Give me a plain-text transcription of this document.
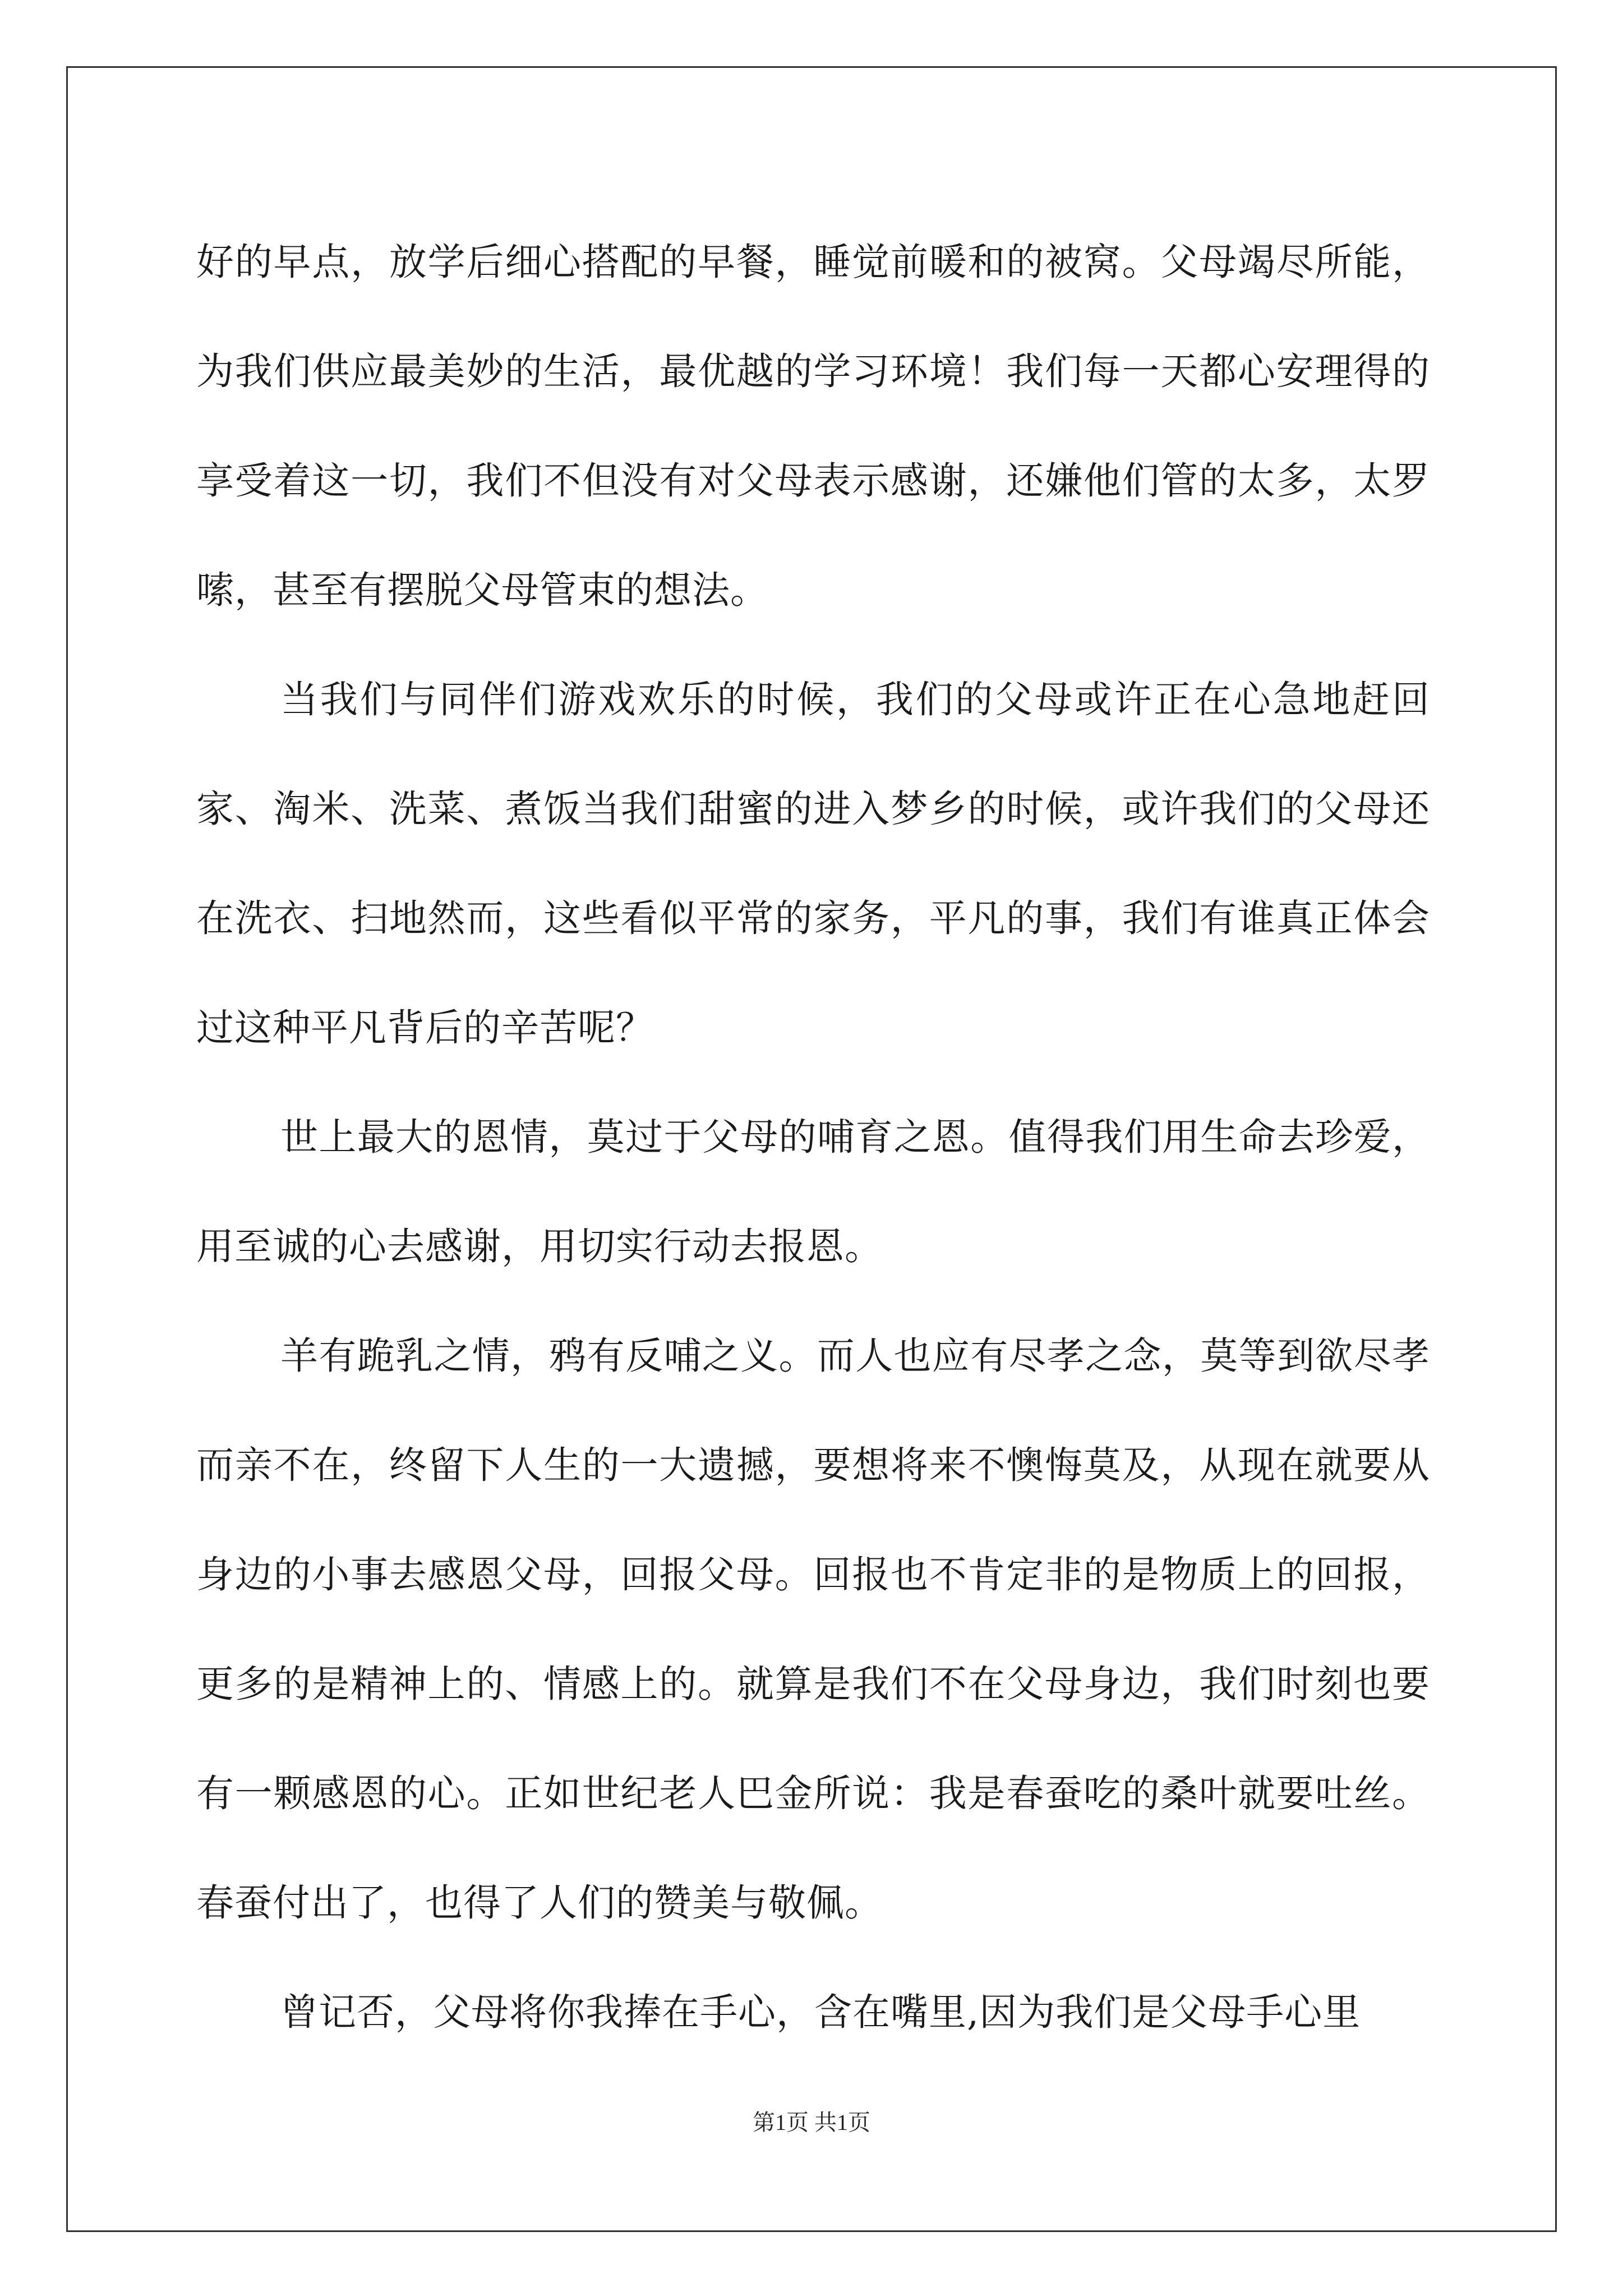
好的早点，放学后细心搭配的早餐，睡觉前暖和的被窝。父母竭尽所能，为我们供应最美妙的生活，最优越的学习环境！我们每一天都心安理得的享受着这一切，我们不但没有对父母表示感谢，还嫌他们管的太多，太罗嗦，甚至有摆脱父母管束的想法。

当我们与同伴们游戏欢乐的时候，我们的父母或许正在心急地赶回家、淘米、洗菜、煮饭当我们甜蜜的进入梦乡的时候，或许我们的父母还在洗衣、扫地然而，这些看似平常的家务，平凡的事，我们有谁真正体会过这种平凡背后的辛苦呢？

世上最大的恩情，莫过于父母的哺育之恩。值得我们用生命去珍爱，用至诚的心去感谢，用切实行动去报恩。

羊有跪乳之情，鸦有反哺之义。而人也应有尽孝之念，莫等到欲尽孝而亲不在，终留下人生的一大遗撼，要想将来不懊悔莫及，从现在就要从身边的小事去感恩父母，回报父母。回报也不肯定非的是物质上的回报，更多的是精神上的、情感上的。就算是我们不在父母身边，我们时刻也要有一颗感恩的心。正如世纪老人巴金所说：我是春蚕吃的桑叶就要吐丝。春蚕付出了，也得了人们的赞美与敬佩。

曾记否，父母将你我捧在手心，含在嘴里,因为我们是父母手心里

第1页 共1页
